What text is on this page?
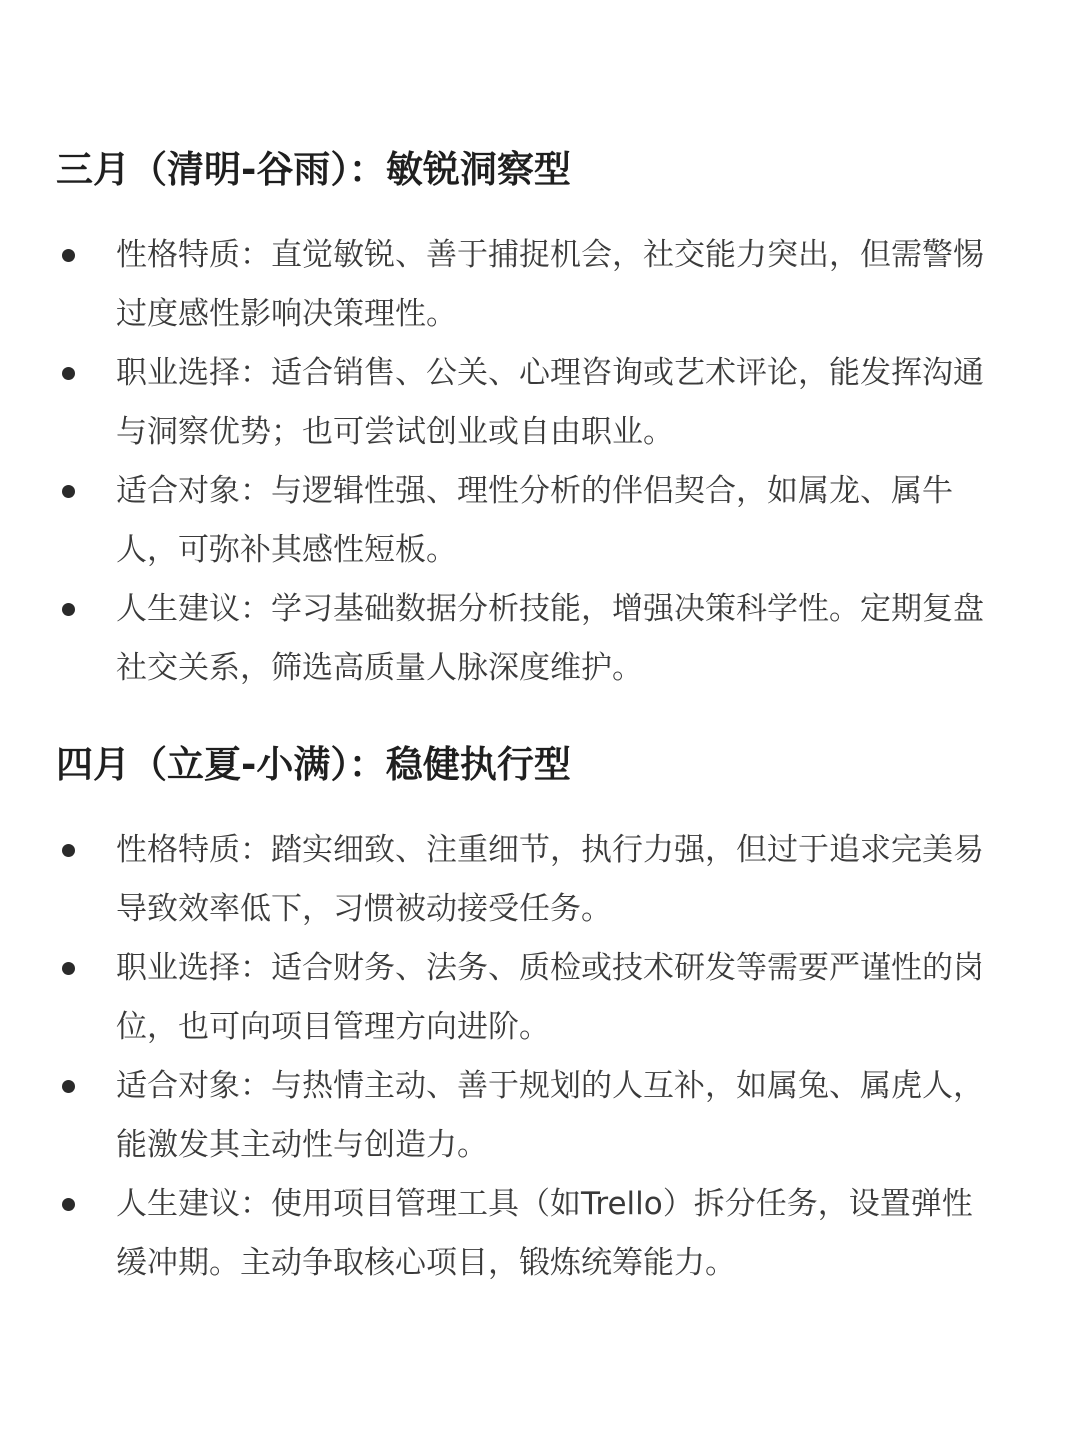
三月（清明-谷雨）：敏锐洞察型
性格特质：直觉敏锐、善于捕捉机会，社交能力突出，但需警惕过度感性影响决策理性。
职业选择：适合销售、公关、心理咨询或艺术评论，能发挥沟通与洞察优势；也可尝试创业或自由职业。
适合对象：与逻辑性强、理性分析的伴侣契合，如属龙、属牛人，可弥补其感性短板。
人生建议：学习基础数据分析技能，增强决策科学性。定期复盘社交关系，筛选高质量人脉深度维护。
四月（立夏-小满）：稳健执行型
性格特质：踏实细致、注重细节，执行力强，但过于追求完美易导致效率低下，习惯被动接受任务。
职业选择：适合财务、法务、质检或技术研发等需要严谨性的岗位，也可向项目管理方向进阶。
适合对象：与热情主动、善于规划的人互补，如属兔、属虎人，能激发其主动性与创造力。
人生建议：使用项目管理工具（如Trello）拆分任务，设置弹性缓冲期。主动争取核心项目，锻炼统筹能力。
